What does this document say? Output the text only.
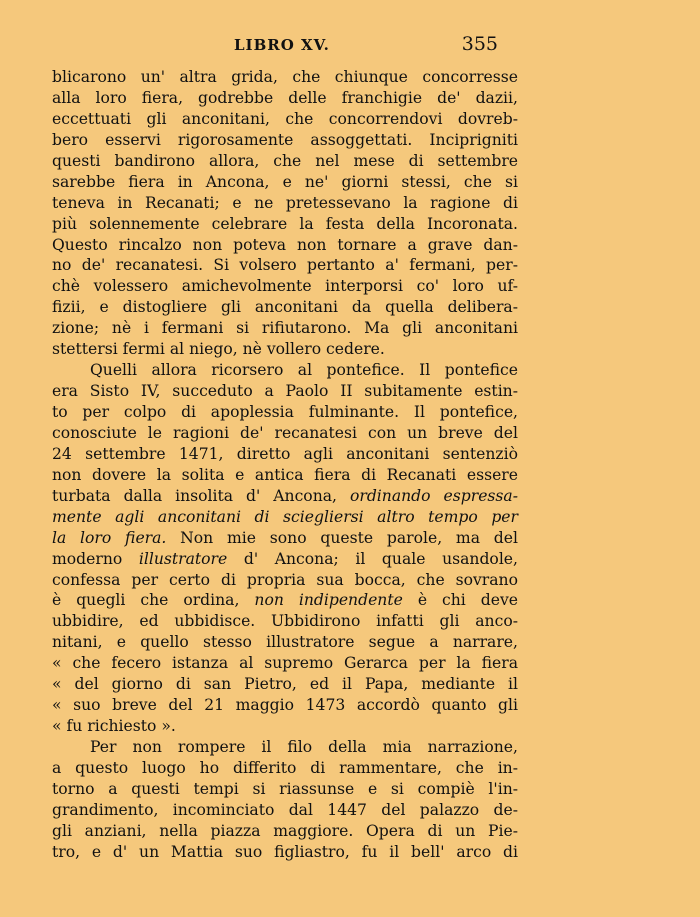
LIBRO XV.	355
blicarono un' altra grida, che chiunque concorresse
alla loro fiera, godrebbe delle franchigie de' dazii,
eccettuati gli anconitani, che concorrendovi dovreb-
bero esservi rigorosamente assoggettati. Inciprigniti
questi bandirono allora, che nel mese di settembre
sarebbe fiera in Ancona, e ne' giorni stessi, che si
teneva in Recanati; e ne pretessevano la ragione di
più solennemente celebrare la festa della Incoronata.
Questo rincalzo non poteva non tornare a grave dan-
no de' recanatesi. Si volsero pertanto a' fermani, per-
chè volessero amichevolmente interporsi co' loro uf-
fizii, e distogliere gli anconitani da quella delibera-
zione; nè i fermani si rifiutarono. Ma gli anconitani
stettersi fermi al niego, nè vollero cedere.
Quelli allora ricorsero al pontefice. Il pontefice
era Sisto IV, succeduto a Paolo II subitamente estin-
to per colpo di apoplessia fulminante. Il pontefice,
conosciute le ragioni de' recanatesi con un breve del
24 settembre 1471, diretto agli anconitani sentenziò
non dovere la solita e antica fiera di Recanati essere
turbata dalla insolita d' Ancona, ordinando espressa-
mente agli anconitani di sciegliersi altro tempo per
la loro fiera. Non mie sono queste parole, ma del
moderno illustratore d' Ancona; il quale usandole,
confessa per certo di propria sua bocca, che sovrano
è quegli che ordina, non indipendente è chi deve
ubbidire, ed ubbidisce. Ubbidirono infatti gli anco-
nitani, e quello stesso illustratore segue a narrare,
« che fecero istanza al supremo Gerarca per la fiera
« del giorno di san Pietro, ed il Papa, mediante il
« suo breve del 21 maggio 1473 accordò quanto gli
« fu richiesto ».
Per non rompere il filo della mia narrazione,
a questo luogo ho differito di rammentare, che in-
torno a questi tempi si riassunse e si compiè l'in-
grandimento, incominciato dal 1447 del palazzo de-
gli anziani, nella piazza maggiore. Opera di un Pie-
tro, e d' un Mattia suo figliastro, fu il bell' arco di
